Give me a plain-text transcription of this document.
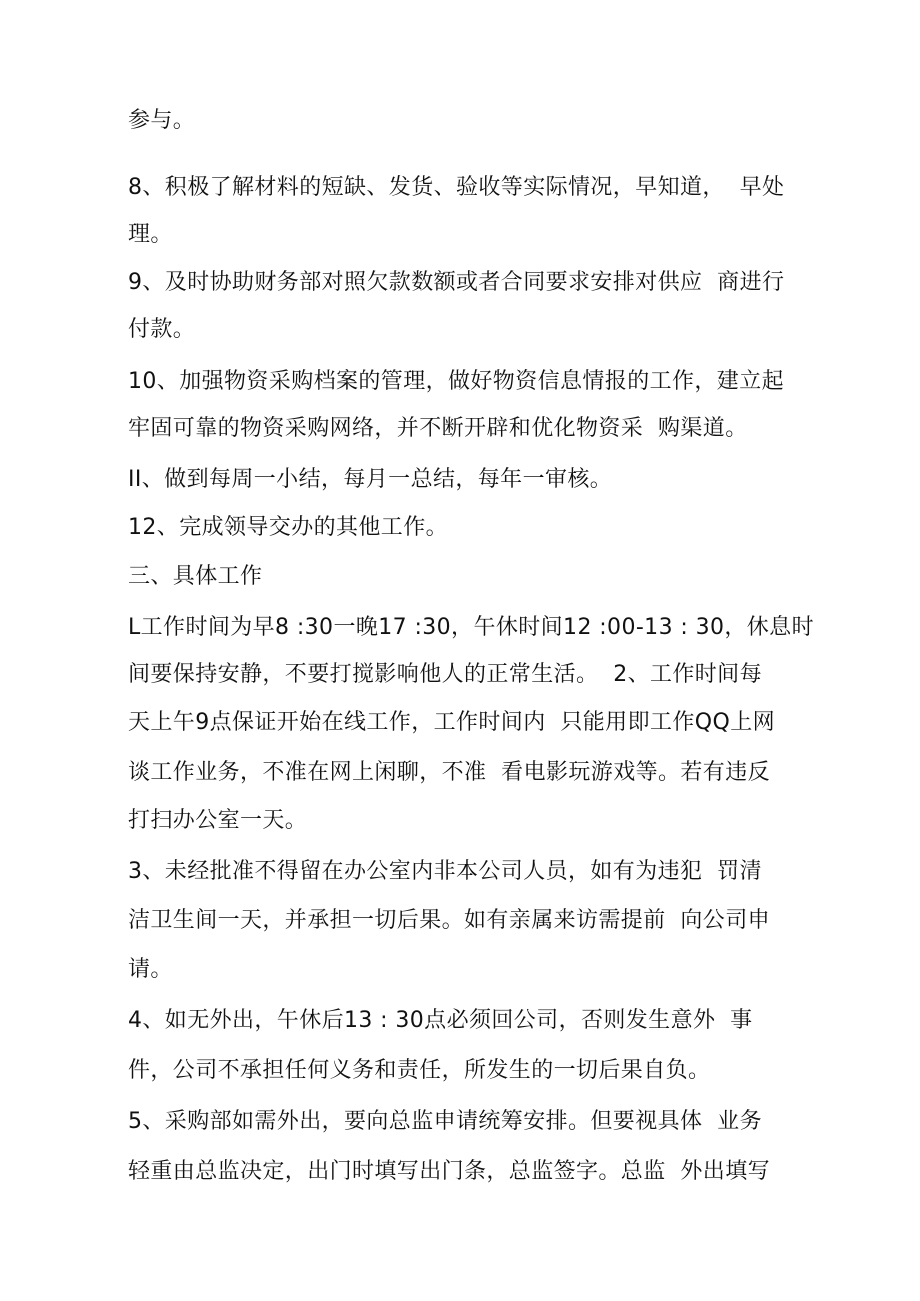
参与。
8、积极了解材料的短缺、发货、验收等实际情况，早知道，  早处
理。
9、及时协助财务部对照欠款数额或者合同要求安排对供应  商进行
付款。
10、加强物资采购档案的管理，做好物资信息情报的工作，建立起
牢固可靠的物资采购网络，并不断开辟和优化物资采  购渠道。
II、做到每周一小结，每月一总结，每年一审核。
12、完成领导交办的其他工作。
三、具体工作
L工作时间为早8 :30一晚17 :30，午休时间12 :00-13 : 30，休息时
间要保持安静，不要打搅影响他人的正常生活。  2、工作时间每
天上午9点保证开始在线工作，工作时间内  只能用即工作QQ上网
谈工作业务，不准在网上闲聊，不准  看电影玩游戏等。若有违反
打扫办公室一天。
3、未经批准不得留在办公室内非本公司人员，如有为违犯  罚清
洁卫生间一天，并承担一切后果。如有亲属来访需提前  向公司申
请。
4、如无外出，午休后13 : 30点必须回公司，否则发生意外  事
件，公司不承担任何义务和责任，所发生的一切后果自负。
5、采购部如需外出，要向总监申请统筹安排。但要视具体  业务
轻重由总监决定，出门时填写出门条，总监签字。总监  外出填写
